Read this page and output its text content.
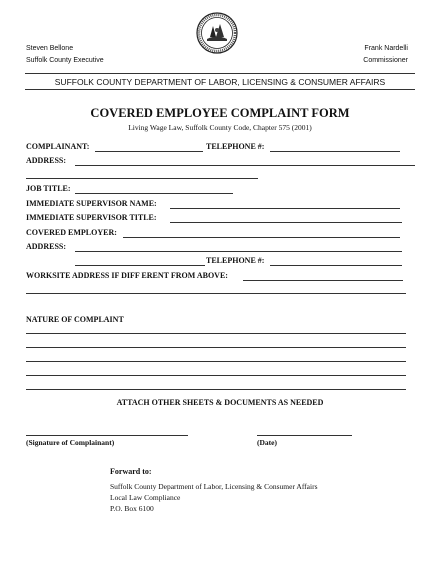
Steven Bellone
Suffolk County Executive
Frank Nardelli
Commissioner
SUFFOLK COUNTY DEPARTMENT OF LABOR, LICENSING & CONSUMER AFFAIRS
COVERED EMPLOYEE COMPLAINT FORM
Living Wage Law, Suffolk County Code, Chapter 575 (2001)
COMPLAINANT:	TELEPHONE #:
ADDRESS:
JOB TITLE:
IMMEDIATE SUPERVISOR NAME:
IMMEDIATE SUPERVISOR TITLE:
COVERED EMPLOYER:
ADDRESS:
TELEPHONE #:
WORKSITE ADDRESS IF DIFF ERENT FROM ABOVE:
NATURE OF COMPLAINT
ATTACH OTHER SHEETS & DOCUMENTS AS NEEDED
(Signature of Complainant)	(Date)
Forward to:
Suffolk County Department of Labor, Licensing & Consumer Affairs
Local Law Compliance
P.O. Box 6100
